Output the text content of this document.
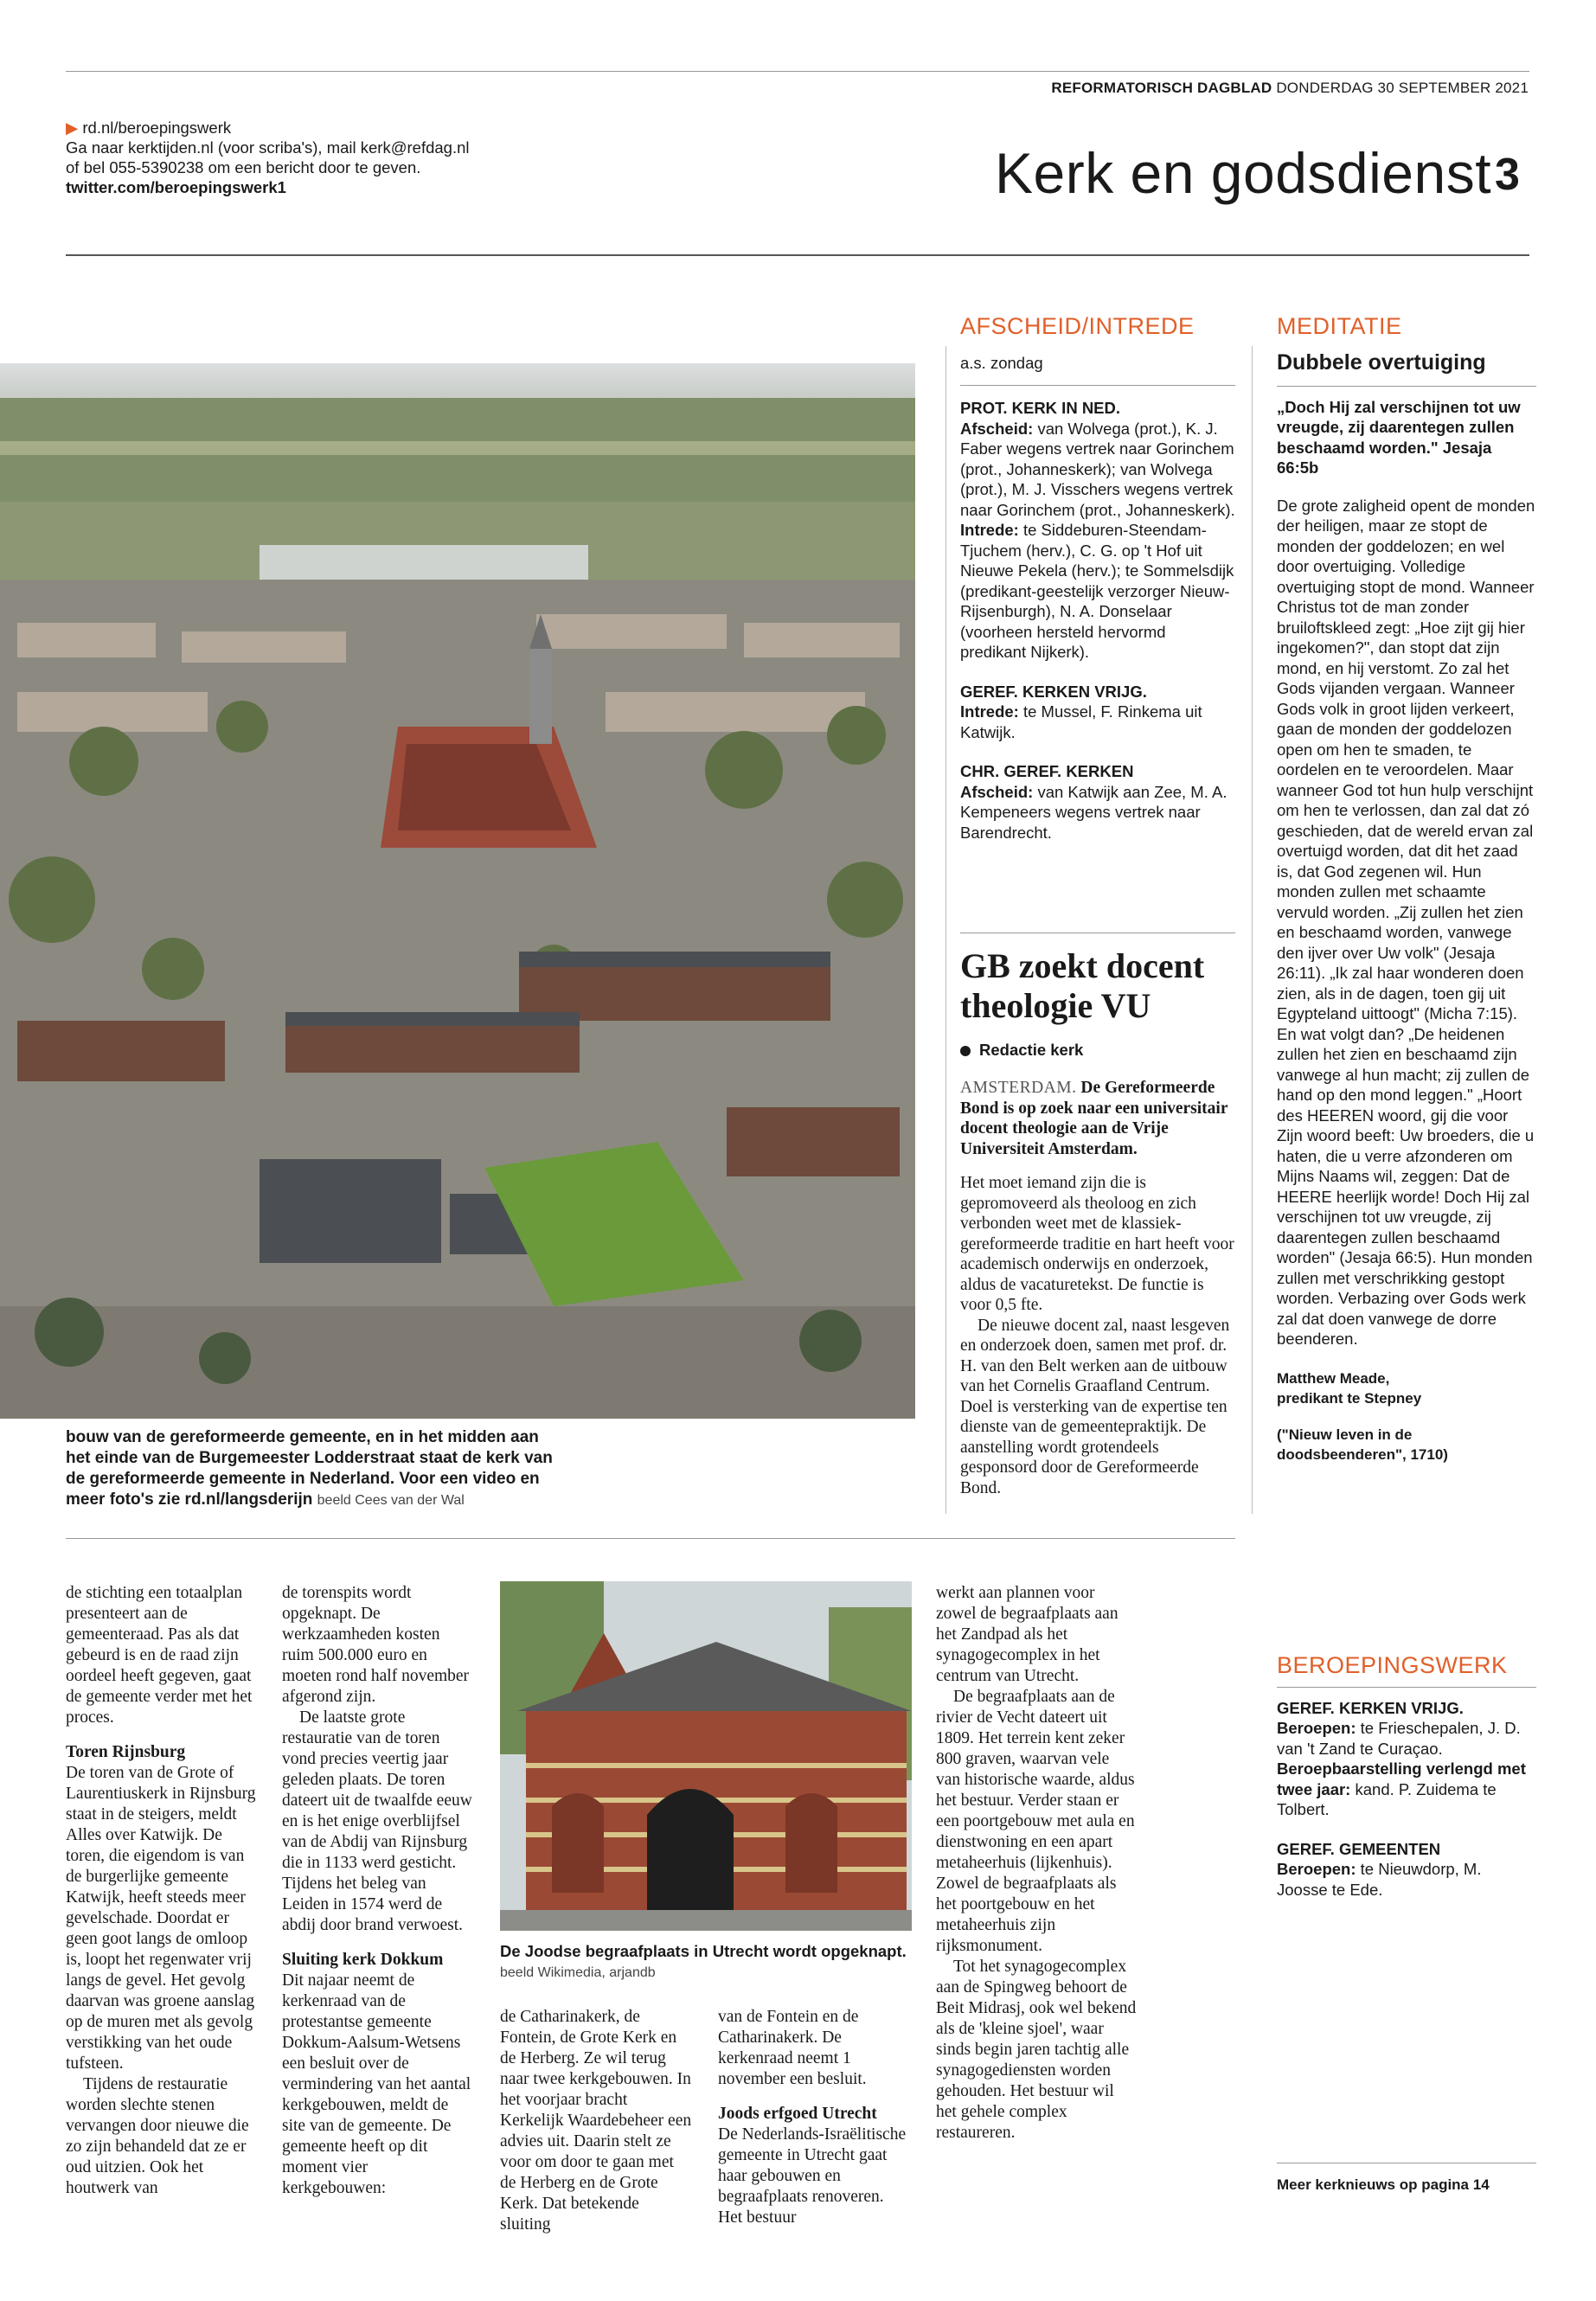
REFORMATORISCH DAGBLAD DONDERDAG 30 SEPTEMBER 2021
▶ rd.nl/beroepingswerk
Ga naar kerktijden.nl (voor scriba's), mail kerk@refdag.nl
of bel 055-5390238 om een bericht door te geven.
twitter.com/beroepingswerk1	Kerk en godsdienst 3
bouw van de gereformeerde gemeente, en in het midden aan het einde van de Burgemeester Lodderstraat staat de kerk van de gereformeerde gemeente in Nederland. Voor een video en meer foto's zie rd.nl/langsderijn beeld Cees van der Wal
AFSCHEID/INTREDE
a.s. zondag
PROT. KERK IN NED.

Afscheid: van Wolvega (prot.), K. J. Faber wegens vertrek naar Gorinchem (prot., Johanneskerk); van Wolvega (prot.), M. J. Visschers wegens vertrek naar Gorinchem (prot., Johanneskerk).

Intrede: te Siddeburen-Steendam-Tjuchem (herv.), C. G. op 't Hof uit Nieuwe Pekela (herv.); te Sommelsdijk (predikant-geestelijk verzorger Nieuw-Rijsenburgh), N. A. Donselaar (voorheen hersteld hervormd predikant Nijkerk).

GEREF. KERKEN VRIJG.

Intrede: te Mussel, F. Rinkema uit Katwijk.

CHR. GEREF. KERKEN

Afscheid: van Katwijk aan Zee, M. A. Kempeneers wegens vertrek naar Barendrecht.

GB zoekt docent theologie VU
Redactie kerk

AMSTERDAM. De Gereformeerde Bond is op zoek naar een universitair docent theologie aan de Vrije Universiteit Amsterdam.

Het moet iemand zijn die is gepromoveerd als theoloog en zich verbonden weet met de klassiek-gereformeerde traditie en hart heeft voor academisch onderwijs en onderzoek, aldus de vacaturetekst. De functie is voor 0,5 fte.

De nieuwe docent zal, naast lesgeven en onderzoek doen, samen met prof. dr. H. van den Belt werken aan de uitbouw van het Cornelis Graafland Centrum. Doel is versterking van de expertise ten dienste van de gemeentepraktijk. De aanstelling wordt grotendeels gesponsord door de Gereformeerde Bond.

MEDITATIE
Dubbele overtuiging
„Doch Hij zal verschijnen tot uw vreugde, zij daarentegen zullen beschaamd worden." Jesaja 66:5b

De grote zaligheid opent de monden der heiligen, maar ze stopt de monden der goddelozen; en wel door overtuiging. Volledige overtuiging stopt de mond. Wanneer Christus tot de man zonder bruiloftskleed zegt: „Hoe zijt gij hier ingekomen?", dan stopt dat zijn mond, en hij verstomt. Zo zal het Gods vijanden vergaan. Wanneer Gods volk in groot lijden verkeert, gaan de monden der goddelozen open om hen te smaden, te oordelen en te veroordelen. Maar wanneer God tot hun hulp verschijnt om hen te verlossen, dan zal dat zó geschieden, dat de wereld ervan zal overtuigd worden, dat dit het zaad is, dat God zegenen wil. Hun monden zullen met schaamte vervuld worden. „Zij zullen het zien en beschaamd worden, vanwege den ijver over Uw volk" (Jesaja 26:11). „Ik zal haar wonderen doen zien, als in de dagen, toen gij uit Egypteland uittoogt" (Micha 7:15). En wat volgt dan? „De heidenen zullen het zien en beschaamd zijn vanwege al hun macht; zij zullen de hand op den mond leggen." „Hoort des HEEREN woord, gij die voor Zijn woord beeft: Uw broeders, die u haten, die u verre afzonderen om Mijns Naams wil, zeggen: Dat de HEERE heerlijk worde! Doch Hij zal verschijnen tot uw vreugde, zij daarentegen zullen beschaamd worden" (Jesaja 66:5). Hun monden zullen met verschrikking gestopt worden. Verbazing over Gods werk zal dat doen vanwege de dorre beenderen.

Matthew Meade,
predikant te Stepney
("Nieuw leven in de doodsbeenderen", 1710)
BEROEPINGSWERK
GEREF. KERKEN VRIJG.

Beroepen: te Frieschepalen, J. D. van 't Zand te Curaçao.

Beroepbaarstelling verlengd met twee jaar: kand. P. Zuidema te Tolbert.

GEREF. GEMEENTEN

Beroepen: te Nieuwdorp, M. Joosse te Ede.

Meer kerknieuws op pagina 14

de stichting een totaalplan presenteert aan de gemeenteraad. Pas als dat gebeurd is en de raad zijn oordeel heeft gegeven, gaat de gemeente verder met het proces.

Toren Rijnsburg

De toren van de Grote of Laurentiuskerk in Rijnsburg staat in de steigers, meldt Alles over Katwijk. De toren, die eigendom is van de burgerlijke gemeente Katwijk, heeft steeds meer gevelschade. Doordat er geen goot langs de omloop is, loopt het regenwater vrij langs de gevel. Het gevolg daarvan was groene aanslag op de muren met als gevolg verstikking van het oude tufsteen.

Tijdens de restauratie worden slechte stenen vervangen door nieuwe die zo zijn behandeld dat ze er oud uitzien. Ook het houtwerk van

de torenspits wordt opgeknapt. De werkzaamheden kosten ruim 500.000 euro en moeten rond half november afgerond zijn.

De laatste grote restauratie van de toren vond precies veertig jaar geleden plaats. De toren dateert uit de twaalfde eeuw en is het enige overblijfsel van de Abdij van Rijnsburg die in 1133 werd gesticht. Tijdens het beleg van Leiden in 1574 werd de abdij door brand verwoest.

Sluiting kerk Dokkum

Dit najaar neemt de kerkenraad van de protestantse gemeente Dokkum-Aalsum-Wetsens een besluit over de vermindering van het aantal kerkgebouwen, meldt de site van de gemeente. De gemeente heeft op dit moment vier kerkgebouwen:

De Joodse begraafplaats in Utrecht wordt opgeknapt. beeld Wikimedia, arjandb

de Catharinakerk, de Fontein, de Grote Kerk en de Herberg. Ze wil terug naar twee kerkgebouwen. In het voorjaar bracht Kerkelijk Waardebeheer een advies uit. Daarin stelt ze voor om door te gaan met de Herberg en de Grote Kerk. Dat betekende sluiting

van de Fontein en de Catharinakerk. De kerkenraad neemt 1 november een besluit.

Joods erfgoed Utrecht

De Nederlands-Israëlitische gemeente in Utrecht gaat haar gebouwen en begraafplaats renoveren. Het bestuur

werkt aan plannen voor zowel de begraafplaats aan het Zandpad als het synagogecomplex in het centrum van Utrecht.

De begraafplaats aan de rivier de Vecht dateert uit 1809. Het terrein kent zeker 800 graven, waarvan vele van historische waarde, aldus het bestuur. Verder staan er een poortgebouw met aula en dienstwoning en een apart metaheerhuis (lijkenhuis). Zowel de begraafplaats als het poortgebouw en het metaheerhuis zijn rijksmonument.

Tot het synagogecomplex aan de Spingweg behoort de Beit Midrasj, ook wel bekend als de 'kleine sjoel', waar sinds begin jaren tachtig alle synagogediensten worden gehouden. Het bestuur wil het gehele complex restaureren.
